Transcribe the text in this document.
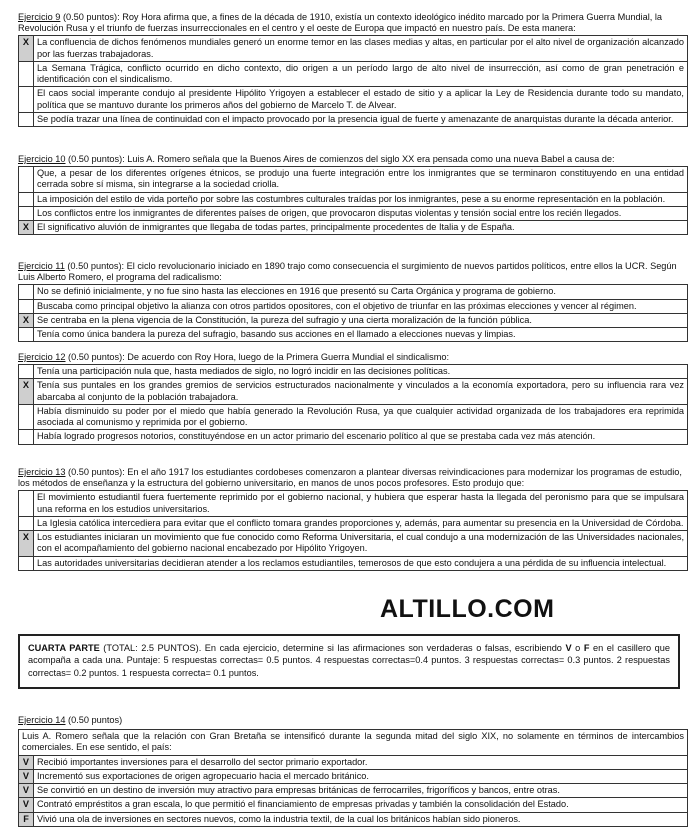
Ejercicio 9 (0.50 puntos): Roy Hora afirma que, a fines de la década de 1910, existía un contexto ideológico inédito marcado por la Primera Guerra Mundial, la Revolución Rusa y el triunfo de fuerzas insurreccionales en el centro y el oeste de Europa que impactó en nuestro país. De esta manera:
X	La confluencia de dichos fenómenos mundiales generó un enorme temor en las clases medias y altas, en particular por el alto nivel de organización alcanzado por las fuerzas trabajadoras.
	La Semana Trágica, conflicto ocurrido en dicho contexto, dio origen a un período largo de alto nivel de insurrección, así como de gran penetración e identificación con el sindicalismo.
	El caos social imperante condujo al presidente Hipólito Yrigoyen a establecer el estado de sitio y a aplicar la Ley de Residencia durante todo su mandato, política que se mantuvo durante los primeros años del gobierno de Marcelo T. de Alvear.
	Se podía trazar una línea de continuidad con el impacto provocado por la presencia igual de fuerte y amenazante de anarquistas durante la década anterior.
Ejercicio 10 (0.50 puntos): Luis A. Romero señala que la Buenos Aires de comienzos del siglo XX era pensada como una nueva Babel a causa de:
	Que, a pesar de los diferentes orígenes étnicos, se produjo una fuerte integración entre los inmigrantes que se terminaron constituyendo en una entidad cerrada sobre sí misma, sin integrarse a la sociedad criolla.
	La imposición del estilo de vida porteño por sobre las costumbres culturales traídas por los inmigrantes, pese a su enorme representación en la población.
	Los conflictos entre los inmigrantes de diferentes países de origen, que provocaron disputas violentas y tensión social entre los recién llegados.
X	El significativo aluvión de inmigrantes que llegaba de todas partes, principalmente procedentes de Italia y de España.
Ejercicio 11 (0.50 puntos): El ciclo revolucionario iniciado en 1890 trajo como consecuencia el surgimiento de nuevos partidos políticos, entre ellos la UCR. Según Luis Alberto Romero, el programa del radicalismo:
	No se definió inicialmente, y no fue sino hasta las elecciones en 1916 que presentó su Carta Orgánica y programa de gobierno.
	Buscaba como principal objetivo la alianza con otros partidos opositores, con el objetivo de triunfar en las próximas elecciones y vencer al régimen.
X	Se centraba en la plena vigencia de la Constitución, la pureza del sufragio y una cierta moralización de la función pública.
	Tenía como única bandera la pureza del sufragio, basando sus acciones en el llamado a elecciones nuevas y limpias.
Ejercicio 12 (0.50 puntos): De acuerdo con Roy Hora, luego de la Primera Guerra Mundial el sindicalismo:
	Tenía una participación nula que, hasta mediados de siglo, no logró incidir en las decisiones políticas.
X	Tenía sus puntales en los grandes gremios de servicios estructurados nacionalmente y vinculados a la economía exportadora, pero su influencia rara vez abarcaba al conjunto de la población trabajadora.
	Había disminuido su poder por el miedo que había generado la Revolución Rusa, ya que cualquier actividad organizada de los trabajadores era reprimida asociada al comunismo y reprimida por el gobierno.
	Había logrado progresos notorios, constituyéndose en un actor primario del escenario político al que se prestaba cada vez más atención.
Ejercicio 13 (0.50 puntos): En el año 1917 los estudiantes cordobeses comenzaron a plantear diversas reivindicaciones para modernizar los programas de estudio, los métodos de enseñanza y la estructura del gobierno universitario, en manos de unos pocos profesores. Esto produjo que:
	El movimiento estudiantil fuera fuertemente reprimido por el gobierno nacional, y hubiera que esperar hasta la llegada del peronismo para que se impulsara una reforma en los estudios universitarios.
	La Iglesia católica intercediera para evitar que el conflicto tomara grandes proporciones y, además, para aumentar su presencia en la Universidad de Córdoba.
X	Los estudiantes iniciaran un movimiento que fue conocido como Reforma Universitaria, el cual condujo a una modernización de las Universidades nacionales, con el acompañamiento del gobierno nacional encabezado por Hipólito Yrigoyen.
	Las autoridades universitarias decidieran atender a los reclamos estudiantiles, temerosos de que esto condujera a una pérdida de su influencia intelectual.
ALTILLO.COM
CUARTA PARTE (TOTAL: 2.5 PUNTOS). En cada ejercicio, determine si las afirmaciones son verdaderas o falsas, escribiendo V o F en el casillero que acompaña a cada una. Puntaje: 5 respuestas correctas= 0.5 puntos. 4 respuestas correctas=0.4 puntos. 3 respuestas correctas= 0.3 puntos. 2 respuestas correctas= 0.2 puntos. 1 respuesta correcta= 0.1 puntos.
Ejercicio 14 (0.50 puntos)
Luis A. Romero señala que la relación con Gran Bretaña se intensificó durante la segunda mitad del siglo XIX, no solamente en términos de intercambios comerciales. En ese sentido, el país:
V	Recibió importantes inversiones para el desarrollo del sector primario exportador.
V	Incrementó sus exportaciones de origen agropecuario hacia el mercado británico.
V	Se convirtió en un destino de inversión muy atractivo para empresas británicas de ferrocarriles, frigoríficos y bancos, entre otras.
V	Contrató empréstitos a gran escala, lo que permitió el financiamiento de empresas privadas y también la consolidación del Estado.
F	Vivió una ola de inversiones en sectores nuevos, como la industria textil, de la cual los británicos habían sido pioneros.
